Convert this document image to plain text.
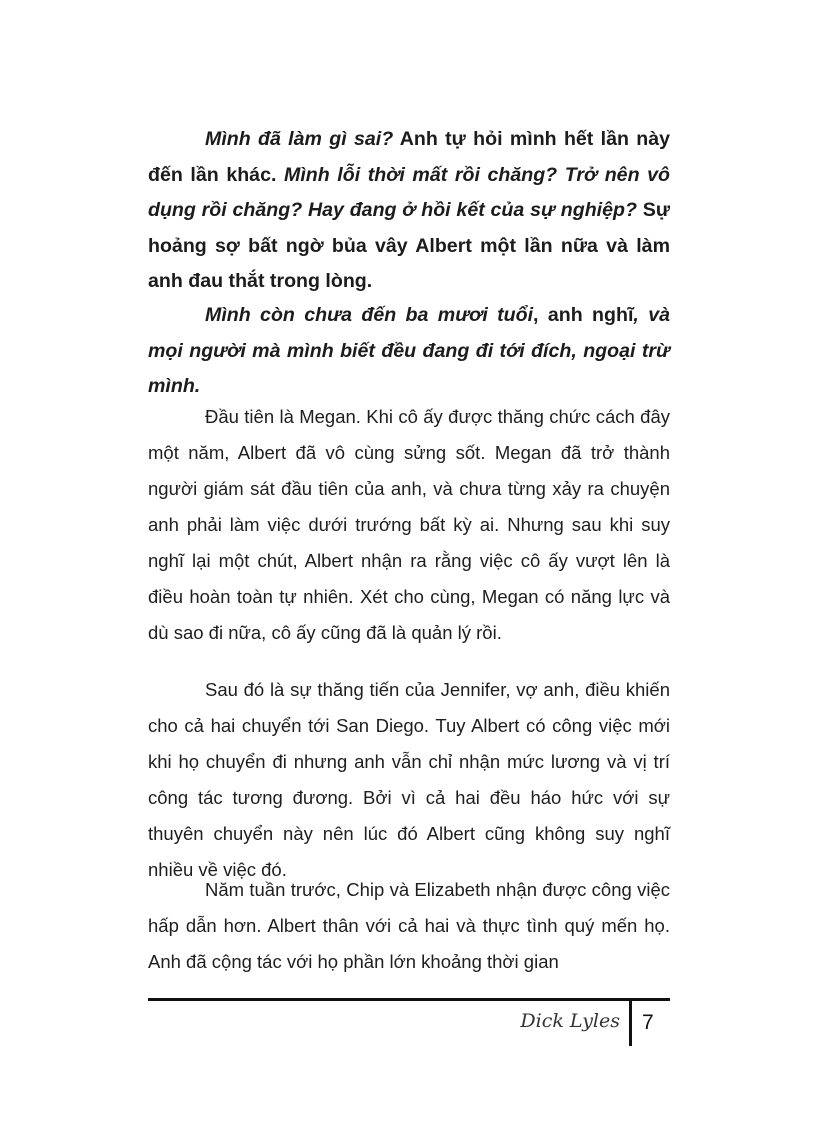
Mình đã làm gì sai? Anh tự hỏi mình hết lần này đến lần khác. Mình lỗi thời mất rồi chăng? Trở nên vô dụng rồi chăng? Hay đang ở hồi kết của sự nghiệp? Sự hoảng sợ bất ngờ bủa vây Albert một lần nữa và làm anh đau thắt trong lòng.

Mình còn chưa đến ba mươi tuổi, anh nghĩ, và mọi người mà mình biết đều đang đi tới đích, ngoại trừ mình.

Đầu tiên là Megan. Khi cô ấy được thăng chức cách đây một năm, Albert đã vô cùng sửng sốt. Megan đã trở thành người giám sát đầu tiên của anh, và chưa từng xảy ra chuyện anh phải làm việc dưới trướng bất kỳ ai. Nhưng sau khi suy nghĩ lại một chút, Albert nhận ra rằng việc cô ấy vượt lên là điều hoàn toàn tự nhiên. Xét cho cùng, Megan có năng lực và dù sao đi nữa, cô ấy cũng đã là quản lý rồi.

Sau đó là sự thăng tiến của Jennifer, vợ anh, điều khiến cho cả hai chuyển tới San Diego. Tuy Albert có công việc mới khi họ chuyển đi nhưng anh vẫn chỉ nhận mức lương và vị trí công tác tương đương. Bởi vì cả hai đều háo hức với sự thuyên chuyển này nên lúc đó Albert cũng không suy nghĩ nhiều về việc đó.

Năm tuần trước, Chip và Elizabeth nhận được công việc hấp dẫn hơn. Albert thân với cả hai và thực tình quý mến họ. Anh đã cộng tác với họ phần lớn khoảng thời gian

Dick Lyles 7
